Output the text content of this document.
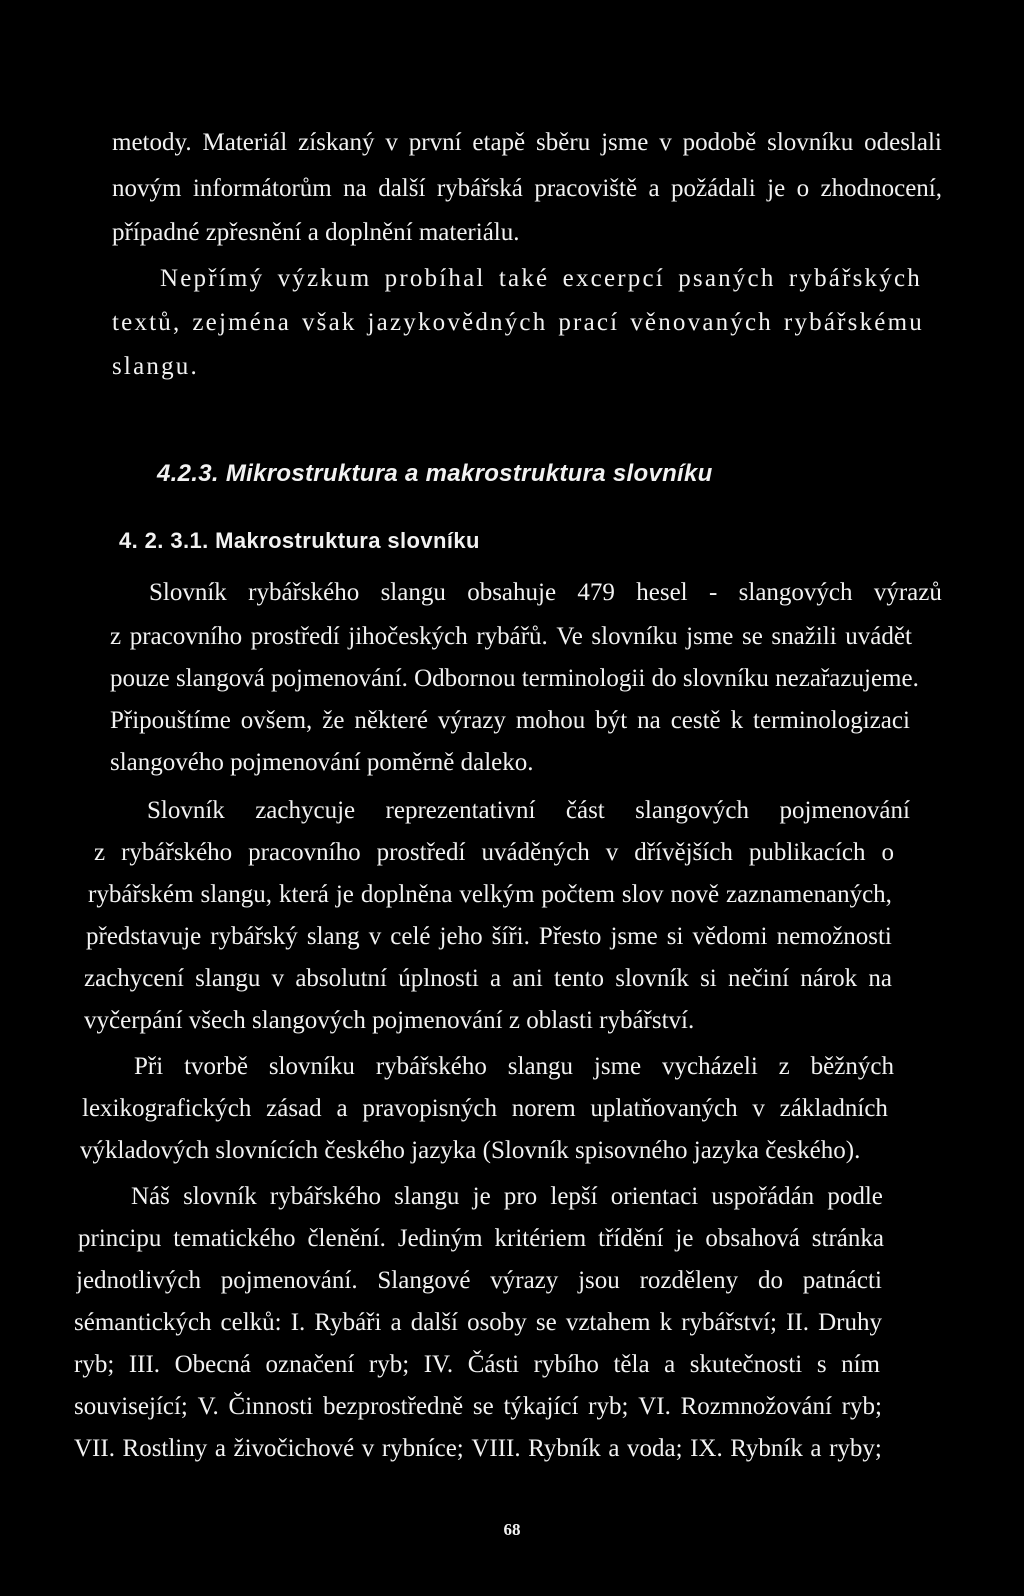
metody. Materiál získaný v první etapě sběru jsme v podobě slovníku odeslali
novým informátorům na další rybářská pracoviště a požádali je o zhodnocení,
případné zpřesnění a doplnění materiálu.
Nepřímý výzkum probíhal také excerpcí psaných rybářských
textů, zejména však jazykovědných prací věnovaných rybářskému
slangu.
4.2.3. Mikrostruktura a makrostruktura slovníku
4. 2. 3.1. Makrostruktura slovníku
Slovník rybářského slangu obsahuje 479 hesel - slangových výrazů
z pracovního prostředí jihočeských rybářů. Ve slovníku jsme se snažili uvádět
pouze slangová pojmenování. Odbornou terminologii do slovníku nezařazujeme.
Připouštíme ovšem, že některé výrazy mohou být na cestě k terminologizaci
slangového pojmenování poměrně daleko.
Slovník zachycuje reprezentativní část slangových pojmenování
z rybářského pracovního prostředí uváděných v dřívějších publikacích o
rybářském slangu, která je doplněna velkým počtem slov nově zaznamenaných,
představuje rybářský slang v celé jeho šíři. Přesto jsme si vědomi nemožnosti
zachycení slangu v absolutní úplnosti a ani tento slovník si nečiní nárok na
vyčerpání všech slangových pojmenování z oblasti rybářství.
Při tvorbě slovníku rybářského slangu jsme vycházeli z běžných
lexikografických zásad a pravopisných norem uplatňovaných v základních
výkladových slovnících českého jazyka (Slovník spisovného jazyka českého).
Náš slovník rybářského slangu je pro lepší orientaci uspořádán podle
principu tematického členění. Jediným kritériem třídění je obsahová stránka
jednotlivých pojmenování. Slangové výrazy jsou rozděleny do patnácti
sémantických celků: I. Rybáři a další osoby se vztahem k rybářství; II. Druhy
ryb; III. Obecná označení ryb; IV. Části rybího těla a skutečnosti s ním
související; V. Činnosti bezprostředně se týkající ryb; VI. Rozmnožování ryb;
VII. Rostliny a živočichové v rybníce; VIII. Rybník a voda; IX. Rybník a ryby;
68
